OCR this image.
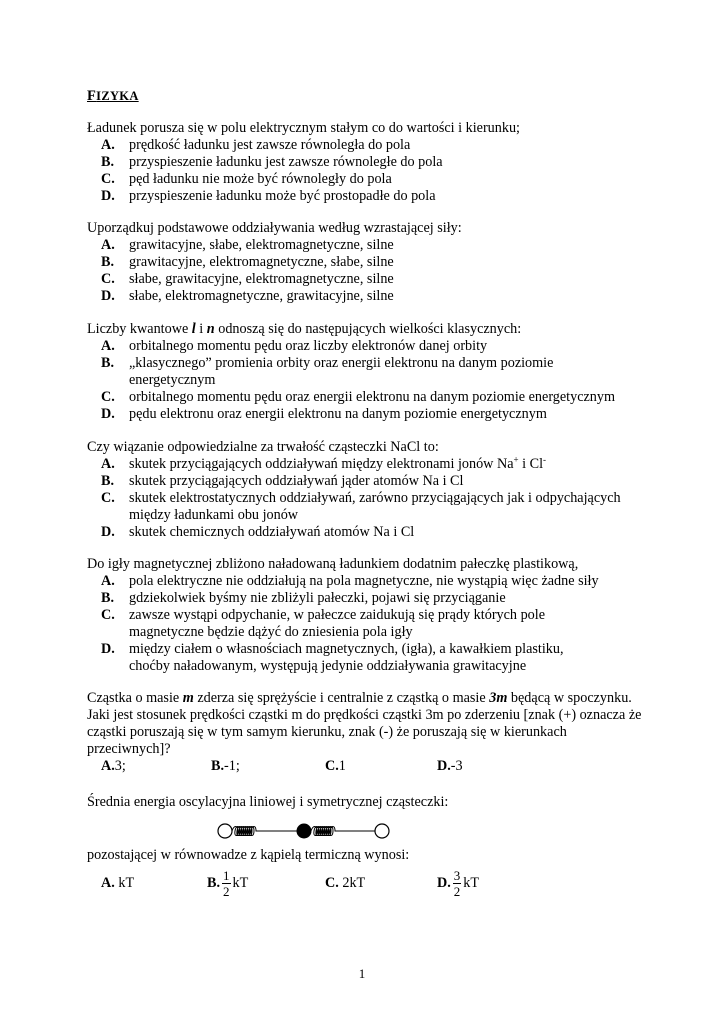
FIZYKA

Ładunek porusza się w polu elektrycznym stałym co do wartości i kierunku;

A.	prędkość ładunku jest zawsze równoległa do pola
B.	przyspieszenie ładunku jest zawsze równoległe do pola
C.	pęd ładunku nie może być równoległy do pola
D.	przyspieszenie ładunku może być prostopadłe do pola

Uporządkuj podstawowe oddziaływania według wzrastającej siły:

A.	grawitacyjne, słabe, elektromagnetyczne, silne
B.	grawitacyjne, elektromagnetyczne, słabe, silne
C.	słabe, grawitacyjne, elektromagnetyczne, silne
D.	słabe, elektromagnetyczne, grawitacyjne, silne

Liczby kwantowe l i n odnoszą się do następujących wielkości klasycznych:

A.	orbitalnego momentu pędu oraz liczby elektronów danej orbity
B.	„klasycznego” promienia orbity oraz energii elektronu na danym poziomie energetycznym
C.	orbitalnego momentu pędu oraz energii elektronu na danym poziomie energetycznym
D.	pędu elektronu oraz energii elektronu na danym poziomie energetycznym

Czy wiązanie odpowiedzialne za trwałość cząsteczki NaCl to:

A.	skutek przyciągających oddziaływań między elektronami jonów Na+ i Cl-
B.	skutek przyciągających oddziaływań jąder atomów Na i Cl
C.	skutek elektrostatycznych oddziaływań, zarówno przyciągających jak i odpychających między ładunkami obu jonów
D.	skutek chemicznych oddziaływań atomów Na i Cl

Do igły magnetycznej zbliżono naładowaną ładunkiem dodatnim pałeczkę plastikową,

A.	pola elektryczne nie oddziałują na pola magnetyczne, nie wystąpią więc żadne siły
B.	gdziekolwiek byśmy nie zbliżyli pałeczki, pojawi się przyciąganie
C.	zawsze wystąpi odpychanie, w pałeczce zaidukują się prądy których pole magnetyczne będzie dążyć do zniesienia pola igły
D.	między ciałem o własnościach magnetycznych, (igła), a kawałkiem plastiku, choćby naładowanym, występują jedynie oddziaływania grawitacyjne

Cząstka o masie m zderza się sprężyście i centralnie z cząstką o masie 3m będącą w spoczynku. Jaki jest stosunek prędkości cząstki m do prędkości cząstki 3m po zderzeniu [znak (+) oznacza że cząstki poruszają się w tym samym kierunku, znak (-) że poruszają się w kierunkach przeciwnych]?

A. 3;	B. -1;	C. 1	D. -3

Średnia energia oscylacyjna liniowej i symetrycznej cząsteczki:

pozostającej w równowadze z kąpielą termiczną wynosi:

A.
kT	B. $\frac{1}{2}$ kT	C.
2kT	D. $\frac{3}{2}$ kT
1
